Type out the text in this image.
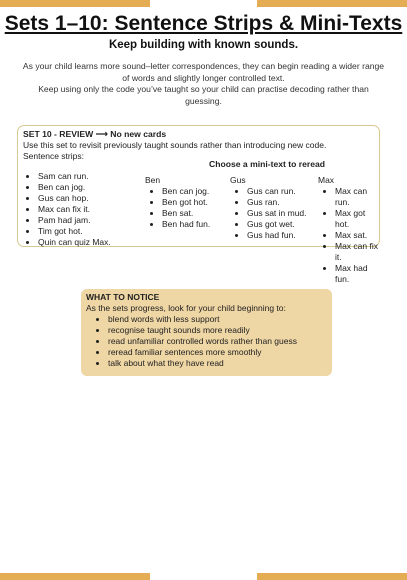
Sets 1–10: Sentence Strips & Mini-Texts
Keep building with known sounds.

As your child learns more sound–letter correspondences, they can begin reading a wider range of words and slightly longer controlled text.

Keep using only the code you’ve taught so your child can practise decoding rather than guessing.

SET 10 - REVIEW ⟶ No new cards
Use this set to revisit previously taught sounds rather than introducing new code.
Sentence strips:
Choose a mini-text to reread
• Sam can run.
• Ben can jog.
• Gus can hop.
• Max can fix it.
• Pam had jam.
• Tim got hot.
• Quin can quiz Max.
Ben
• Ben can jog.
• Ben got hot.
• Ben sat.
• Ben had fun.
Gus
• Gus can run.
• Gus ran.
• Gus sat in mud.
• Gus got wet.
• Gus had fun.
Max
• Max can run.
• Max got hot.
• Max sat.
• Max can fix it.
• Max had fun.
WHAT TO NOTICE
As the sets progress, look for your child beginning to:
• blend words with less support
• recognise taught sounds more readily
• read unfamiliar controlled words rather than guess
• reread familiar sentences more smoothly
• talk about what they have read
